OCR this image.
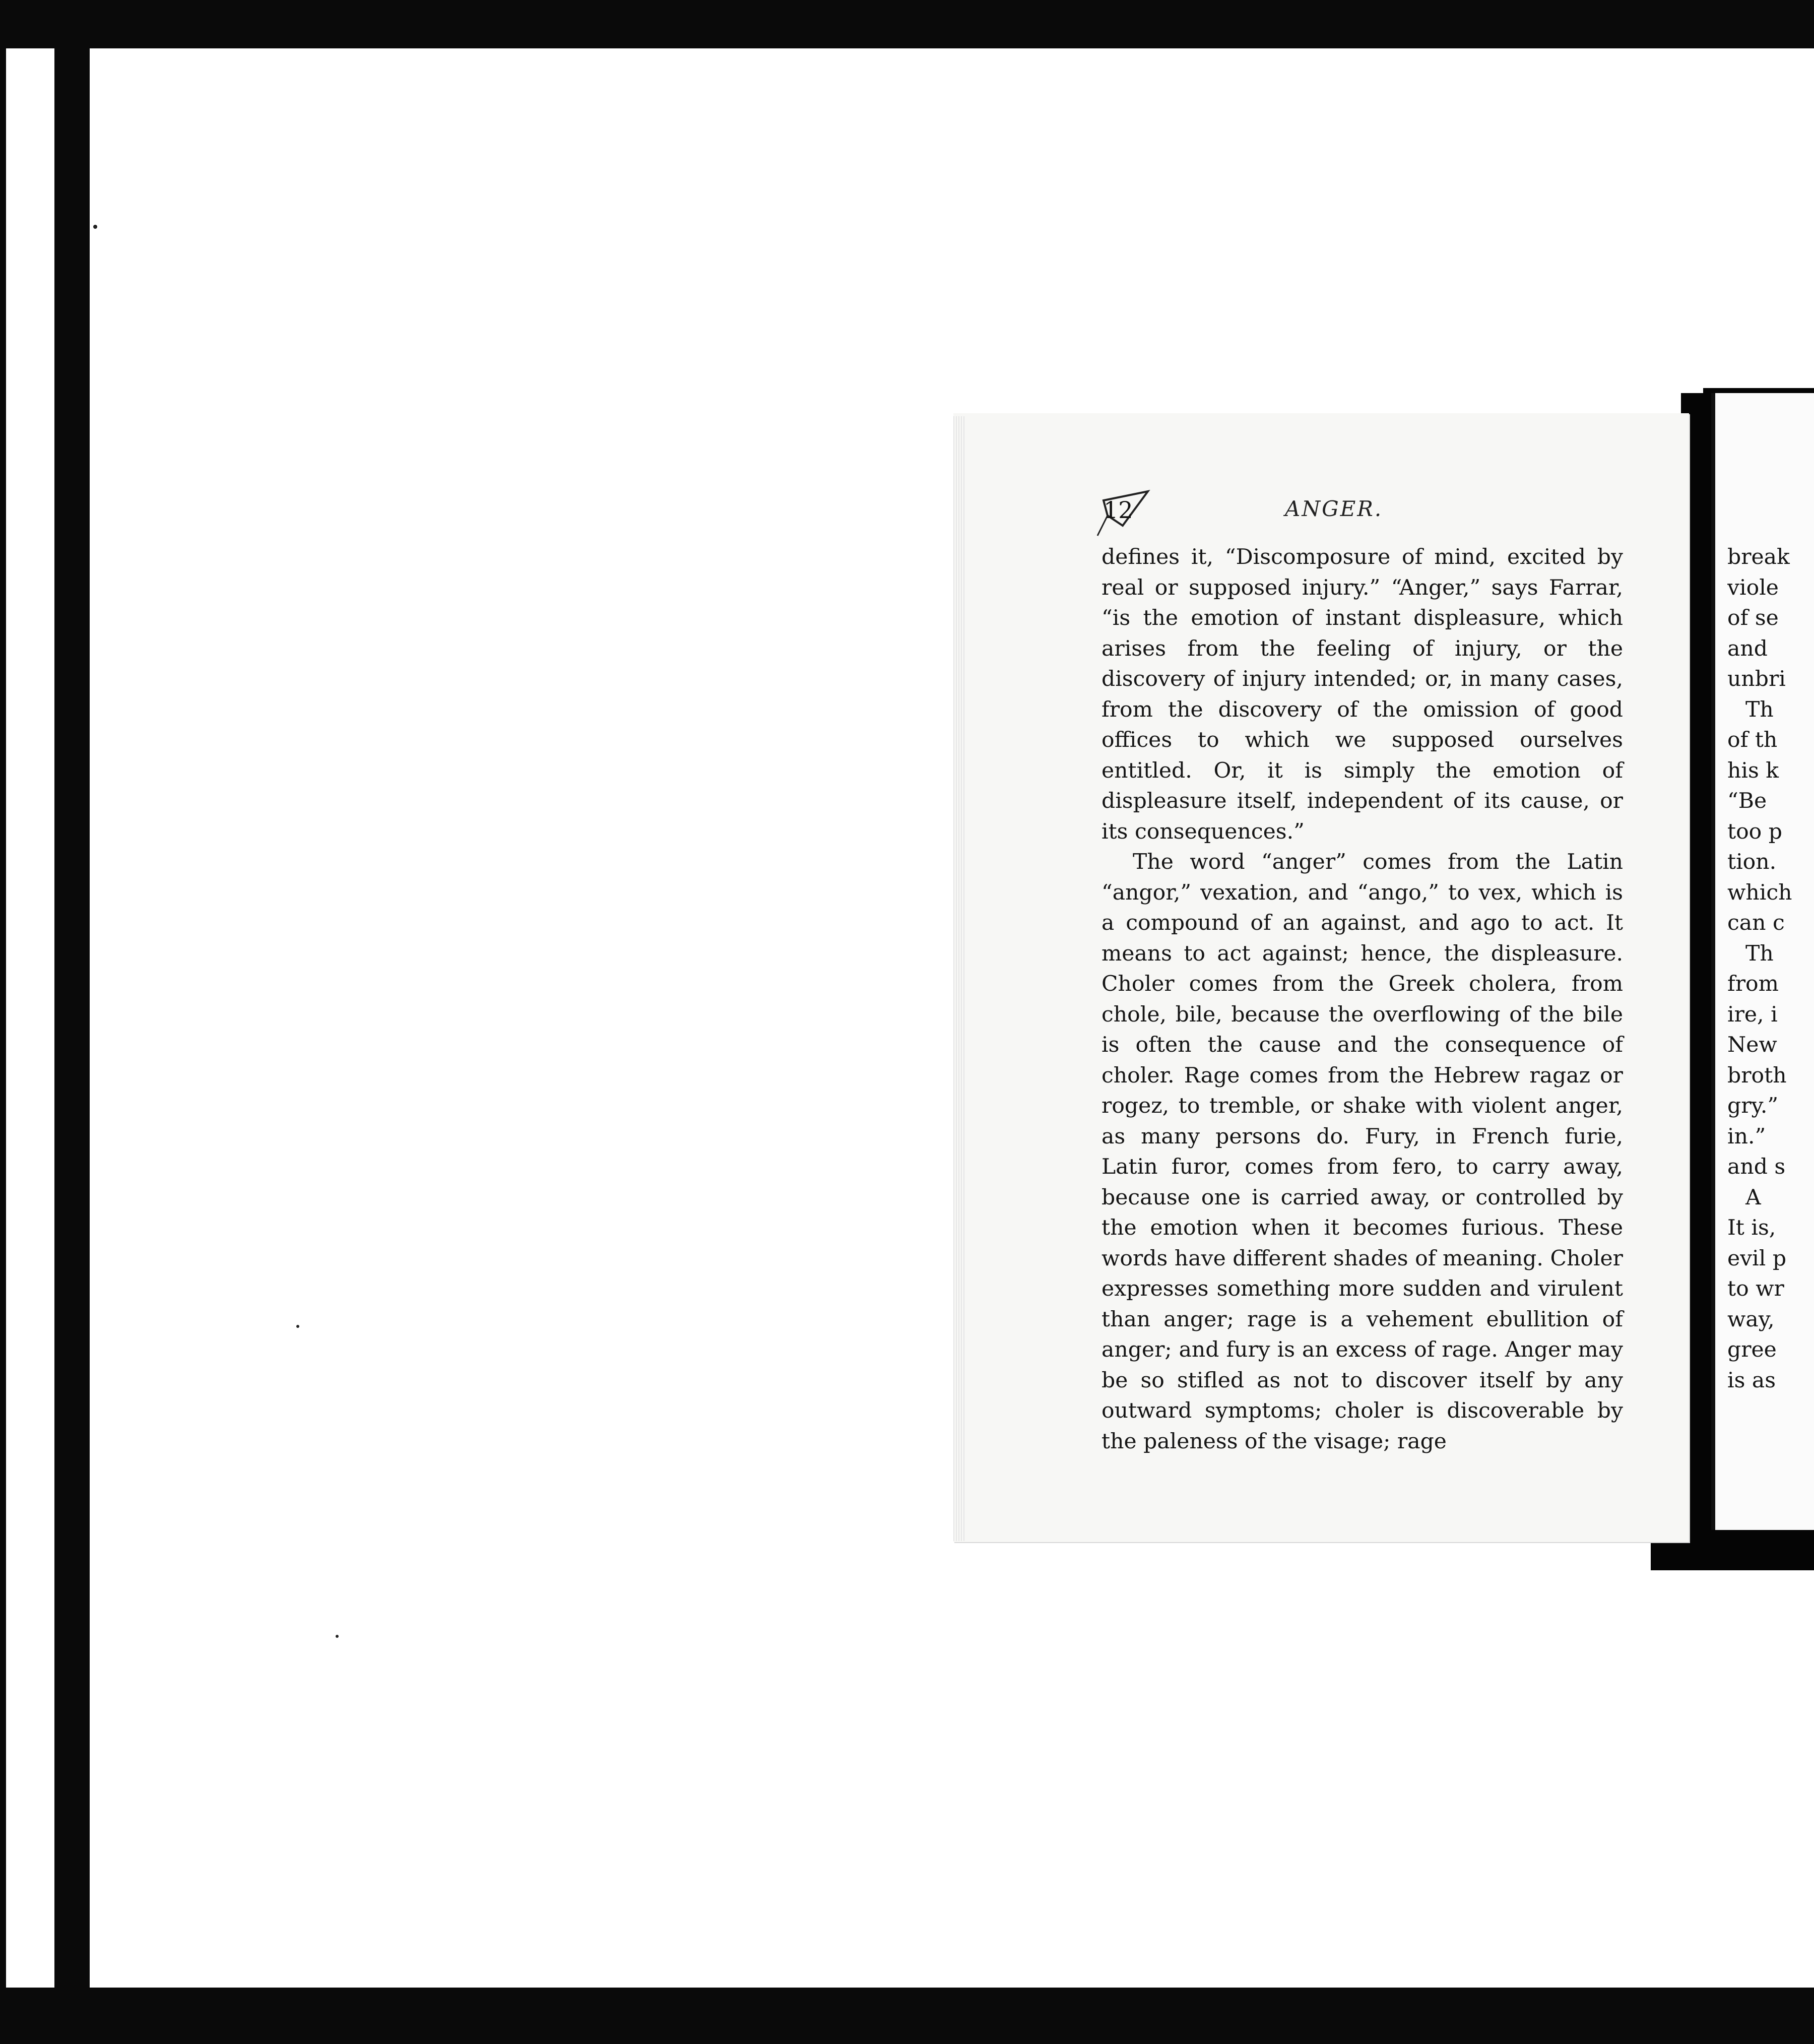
12	ANGER.

defines it, “Discomposure of mind, excited by real or supposed injury.” “Anger,” says Farrar, “is the emotion of instant displeasure, which arises from the feeling of injury, or the discovery of injury intended; or, in many cases, from the discovery of the omission of good offices to which we supposed ourselves entitled. Or, it is simply the emotion of displeasure itself, independent of its cause, or its consequences.”

The word “anger” comes from the Latin “angor,” vexation, and “ango,” to vex, which is a compound of an against, and ago to act. It means to act against; hence, the displeasure. Choler comes from the Greek cholera, from chole, bile, because the overflowing of the bile is often the cause and the consequence of choler. Rage comes from the Hebrew ragaz or rogez, to tremble, or shake with violent anger, as many persons do. Fury, in French furie, Latin furor, comes from fero, to carry away, because one is carried away, or controlled by the emotion when it becomes furious. These words have different shades of meaning. Choler expresses something more sudden and virulent than anger; rage is a vehement ebullition of anger; and fury is an excess of rage. Anger may be so stifled as not to discover itself by any outward symptoms; choler is discoverable by the paleness of the visage; rage

break
viole
of se
and
unbri
Th
of th
his k
“Be
too p
tion.
which
can c
Th
from
ire, i
New
broth
gry.”
in.”
and s
A
It is,
evil p
to wr
way,
gree
is as
